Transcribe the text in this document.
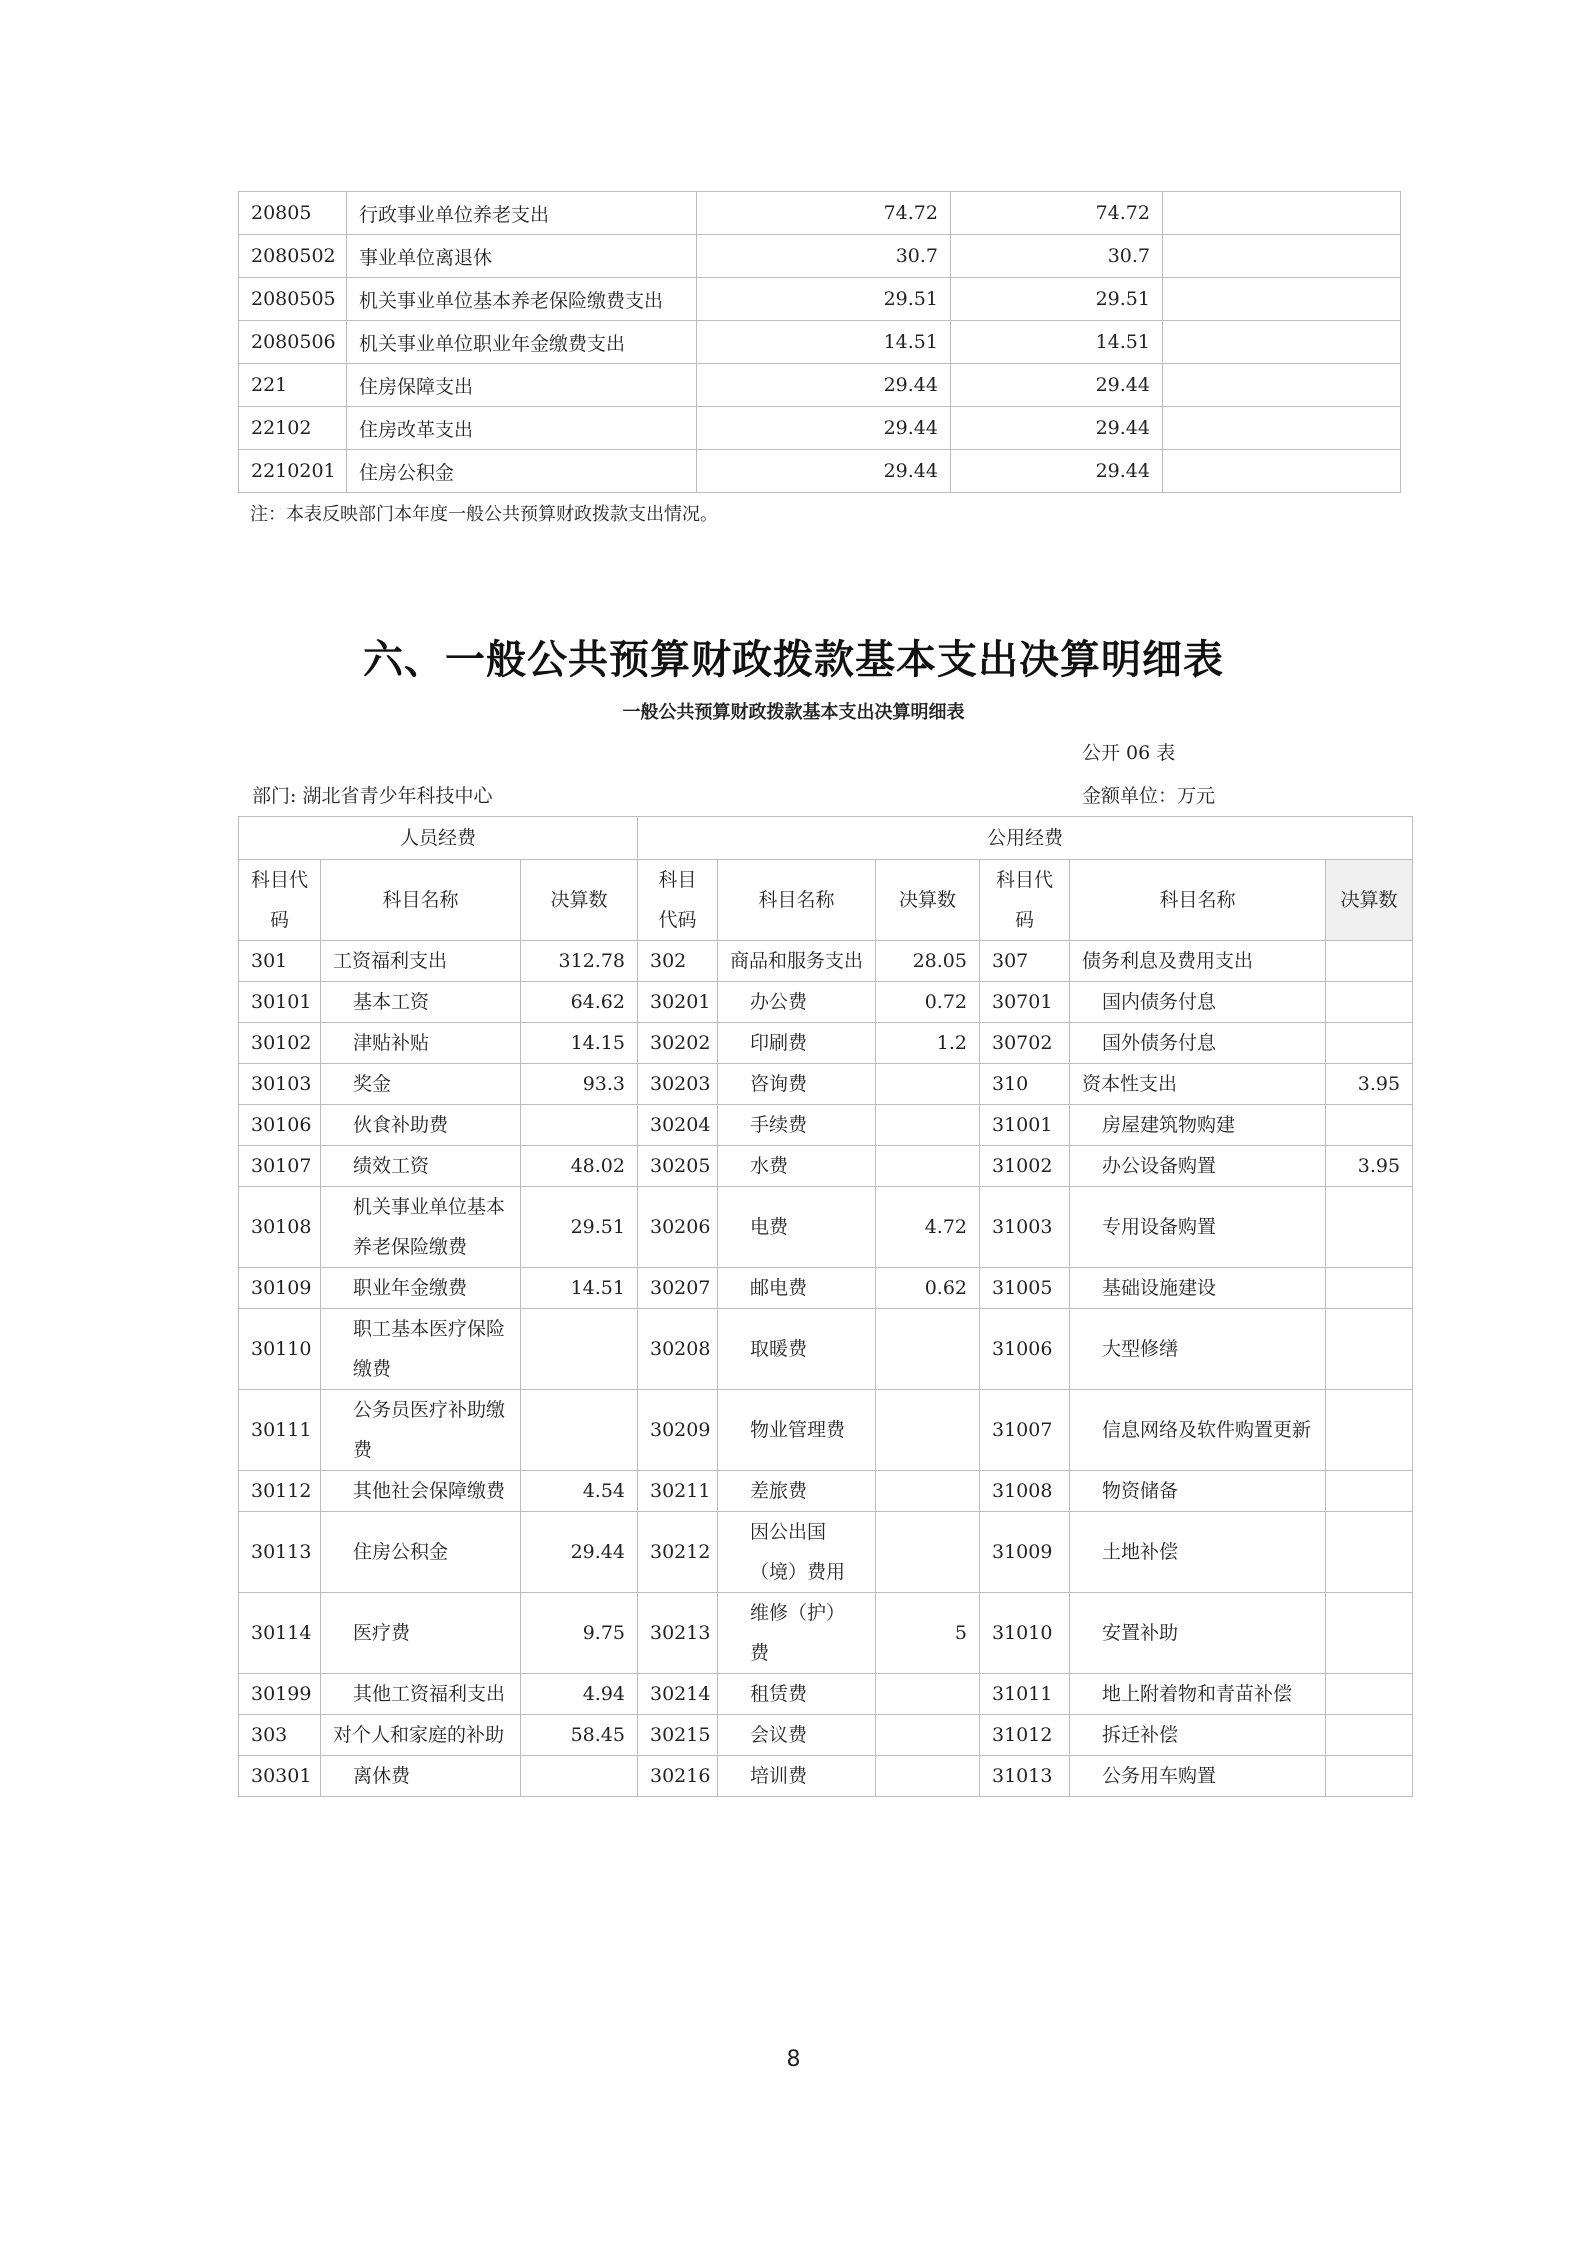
20805	行政事业单位养老支出	74.72	74.72	
2080502	事业单位离退休	30.7	30.7	
2080505	机关事业单位基本养老保险缴费支出	29.51	29.51	
2080506	机关事业单位职业年金缴费支出	14.51	14.51	
221	住房保障支出	29.44	29.44	
22102	住房改革支出	29.44	29.44	
2210201	住房公积金	29.44	29.44	
注：本表反映部门本年度一般公共预算财政拨款支出情况。
六、一般公共预算财政拨款基本支出决算明细表
一般公共预算财政拨款基本支出决算明细表
公开 06 表
部门: 湖北省青少年科技中心	金额单位：万元
人员经费			公用经费					
科目代码	科目名称	决算数	科目代码	科目名称	决算数	科目代码	科目名称	决算数
301	工资福利支出	312.78	302	商品和服务支出	28.05	307	债务利息及费用支出	
30101	基本工资	64.62	30201	办公费	0.72	30701	国内债务付息	
30102	津贴补贴	14.15	30202	印刷费	1.2	30702	国外债务付息	
30103	奖金	93.3	30203	咨询费		310	资本性支出	3.95
30106	伙食补助费		30204	手续费		31001	房屋建筑物购建	
30107	绩效工资	48.02	30205	水费		31002	办公设备购置	3.95
30108	机关事业单位基本养老保险缴费	29.51	30206	电费	4.72	31003	专用设备购置	
30109	职业年金缴费	14.51	30207	邮电费	0.62	31005	基础设施建设	
30110	职工基本医疗保险缴费		30208	取暖费		31006	大型修缮	
30111	公务员医疗补助缴费		30209	物业管理费		31007	信息网络及软件购置更新	
30112	其他社会保障缴费	4.54	30211	差旅费		31008	物资储备	
30113	住房公积金	29.44	30212	因公出国（境）费用		31009	土地补偿	
30114	医疗费	9.75	30213	维修（护）费	5	31010	安置补助	
30199	其他工资福利支出	4.94	30214	租赁费		31011	地上附着物和青苗补偿	
303	对个人和家庭的补助	58.45	30215	会议费		31012	拆迁补偿	
30301	离休费		30216	培训费		31013	公务用车购置	
8
